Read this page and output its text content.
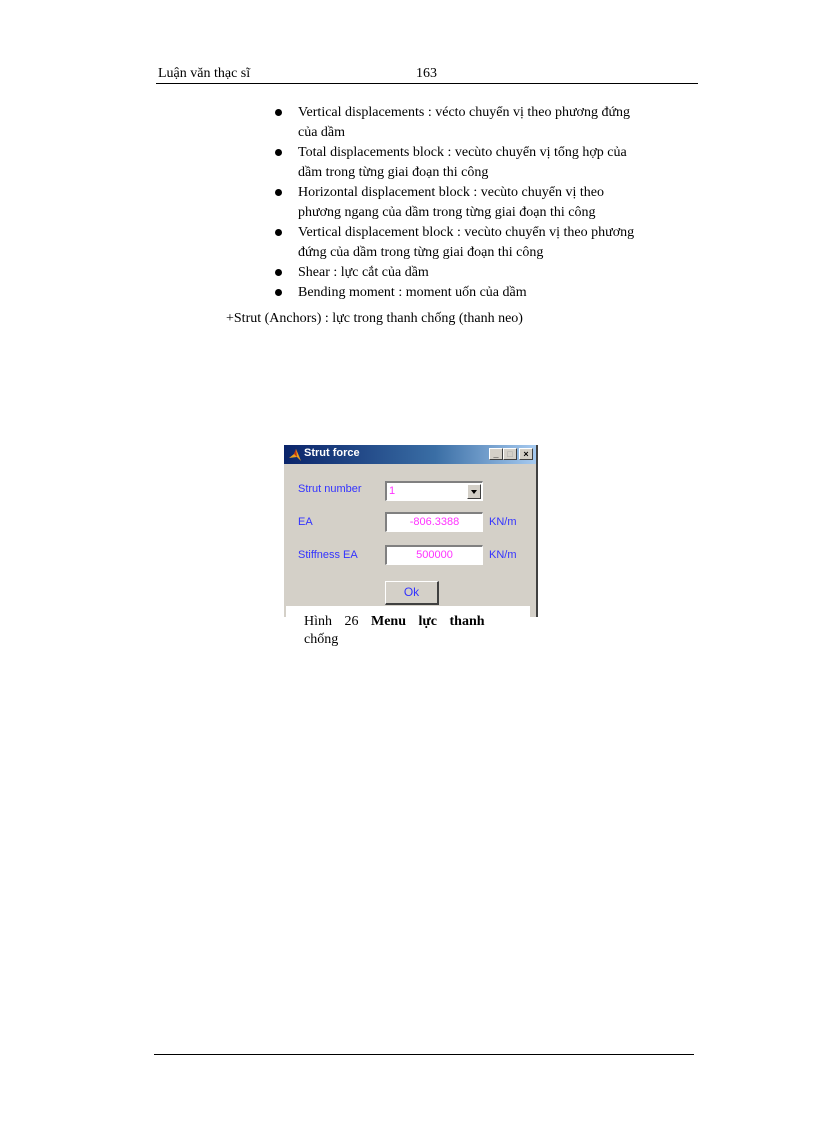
Luận văn thạc sĩ	163
Vertical displacements : vécto chuyển vị theo phương đứng
của dầm
Total displacements block : vecùto chuyển vị tổng hợp của
dầm trong từng giai đoạn thi công
Horizontal displacement block : vecùto chuyển vị theo
phương ngang của dầm trong từng giai đoạn thi công
Vertical displacement block : vecùto chuyển vị theo phương
đứng của dầm trong từng giai đoạn thi công
Shear : lực cắt của dầm
Bending moment : moment uốn của dầm
+Strut (Anchors) : lực trong thanh chống (thanh neo)
Strut force	_ □	×
Strut number	1
EA	-806.3388	KN/m
Stiffness EA	500000	KN/m
Ok
Hình 26 Menu lực thanh
chống
